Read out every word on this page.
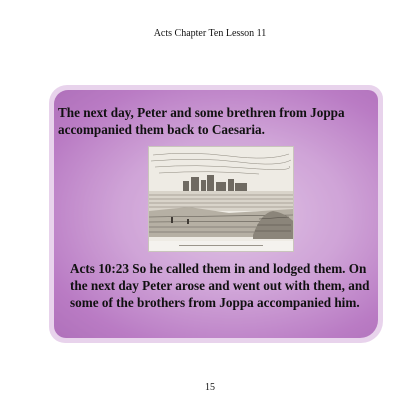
Acts Chapter Ten Lesson 11
The next day, Peter and some brethren from Joppa accompanied them back to Caesaria.
Acts 10:23 So he called them in and lodged them. On the next day Peter arose and went out with them, and some of the brothers from Joppa accompanied him.
15
